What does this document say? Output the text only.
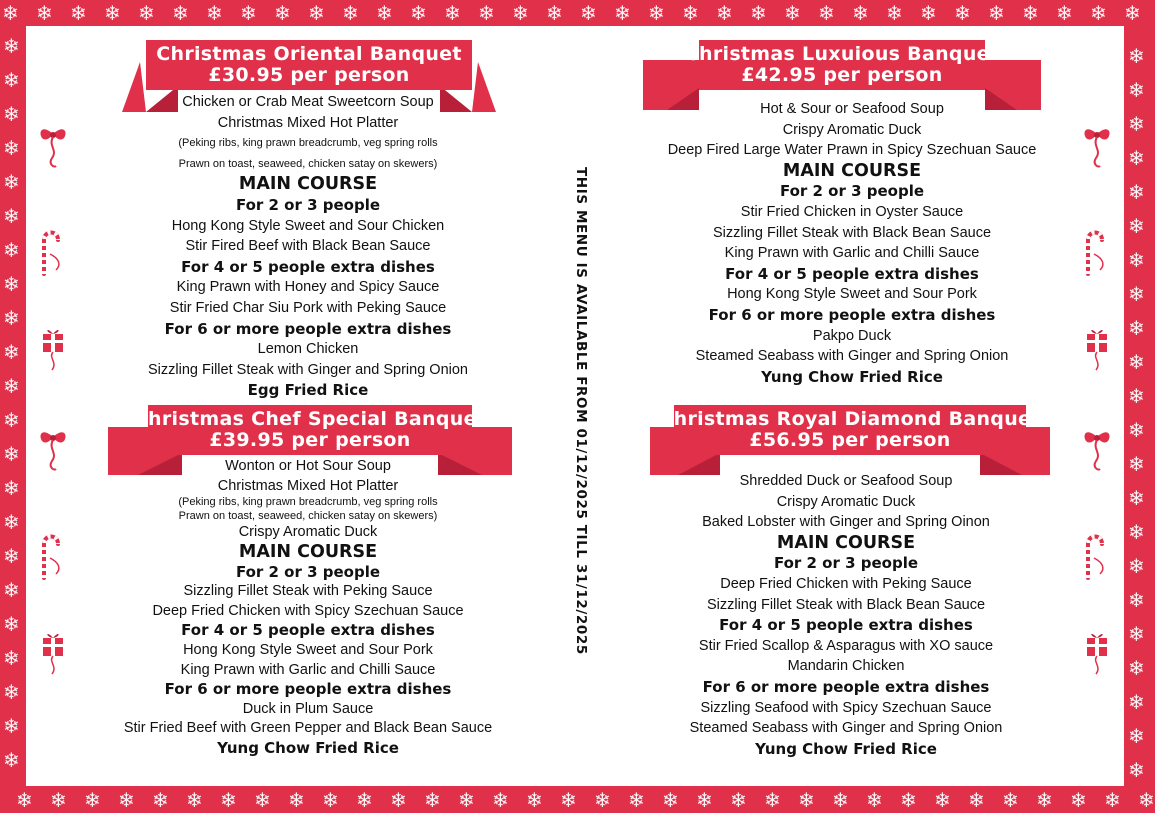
❄
❄
❄
❄
❄
❄
❄
❄
❄
❄
❄
❄
❄
❄
❄
❄
❄
❄
❄
❄
❄
❄
❄
❄
❄
❄
❄
❄
❄
❄
❄
❄
❄
❄
❄
❄
❄
❄
❄
❄
❄
❄
❄
❄
❄
❄
❄
❄
❄
❄
❄
❄
❄
❄
❄
❄
❄
❄
❄
❄
❄
❄
❄
❄
❄
❄
❄
❄
❄	❄
❄	❄
❄	❄
❄	❄
❄	❄
❄	❄
❄	❄
❄	❄
❄	❄
❄	❄
❄	❄
❄	❄
❄	❄
❄	❄
❄	❄
❄	❄
❄	❄
❄	❄
❄	❄
❄	❄
❄	❄
❄	❄
Christmas Oriental Banquet
£30.95 per person
Chicken or Crab Meat Sweetcorn Soup
Christmas Mixed Hot Platter
(Peking ribs, king prawn breadcrumb, veg spring rolls
Prawn on toast, seaweed, chicken satay on skewers)
MAIN COURSE
For 2 or 3 people
Hong Kong Style Sweet and Sour Chicken
Stir Fired Beef with Black Bean Sauce
For 4 or 5 people extra dishes
King Prawn with Honey and Spicy Sauce
Stir Fried Char Siu Pork with Peking Sauce
For 6 or more people extra dishes
Lemon Chicken
Sizzling Fillet Steak with Ginger and Spring Onion
Egg Fried Rice
Christmas Luxuious Banquet
£42.95 per person
Hot & Sour or Seafood Soup
Crispy Aromatic Duck
Deep Fired Large Water Prawn in Spicy Szechuan Sauce
MAIN COURSE
For 2 or 3 people
Stir Fried Chicken in Oyster Sauce
Sizzling Fillet Steak with Black Bean Sauce
King Prawn with Garlic and Chilli Sauce
For 4 or 5 people extra dishes
Hong Kong Style Sweet and Sour Pork
For 6 or more people extra dishes
Pakpo Duck
Steamed Seabass with Ginger and Spring Onion
Yung Chow Fried Rice
Christmas Chef Special Banquet
£39.95 per person
Wonton or Hot Sour Soup
Christmas Mixed Hot Platter
(Peking ribs, king prawn breadcrumb, veg spring rolls
Prawn on toast, seaweed, chicken satay on skewers)
Crispy Aromatic Duck
MAIN COURSE
For 2 or 3 people
Sizzling Fillet Steak with Peking Sauce
Deep Fried Chicken with Spicy Szechuan Sauce
For 4 or 5 people extra dishes
Hong Kong Style Sweet and Sour Pork
King Prawn with Garlic and Chilli Sauce
For 6 or more people extra dishes
Duck in Plum Sauce
Stir Fried Beef with Green Pepper and Black Bean Sauce
Yung Chow Fried Rice
Christmas Royal Diamond Banquet
£56.95 per person
Shredded Duck or Seafood Soup
Crispy Aromatic Duck
Baked Lobster with Ginger and Spring Oinon
MAIN COURSE
For 2 or 3 people
Deep Fried Chicken with Peking Sauce
Sizzling Fillet Steak with Black Bean Sauce
For 4 or 5 people extra dishes
Stir Fried Scallop & Asparagus with XO sauce
Mandarin Chicken
For 6 or more people extra dishes
Sizzling Seafood with Spicy Szechuan Sauce
Steamed Seabass with Ginger and Spring Onion
Yung Chow Fried Rice
THIS MENU IS AVAILABLE FROM 01/12/2025 TILL 31/12/2025
